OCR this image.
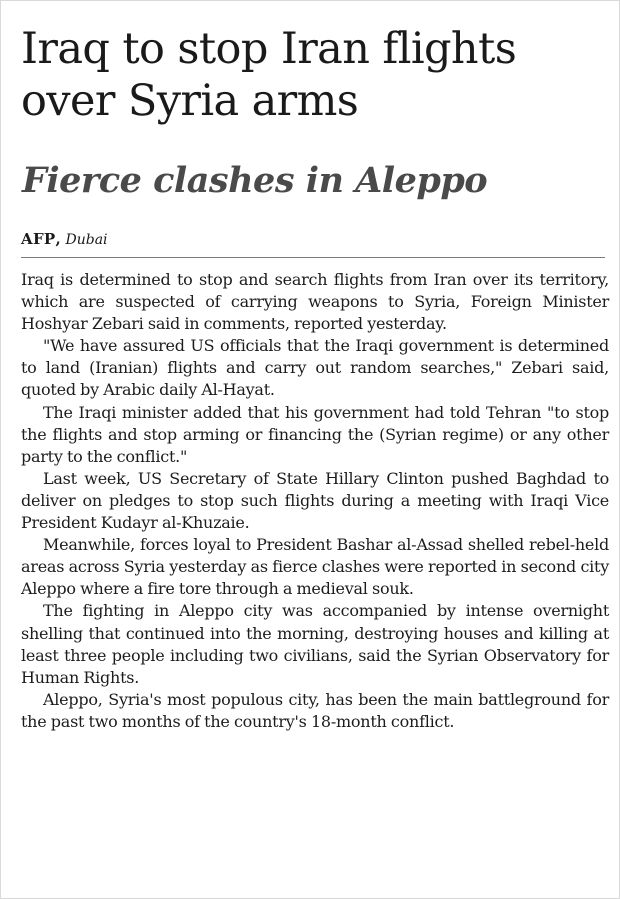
Iraq to stop Iran flights over Syria arms
Fierce clashes in Aleppo
AFP, Dubai

Iraq is determined to stop and search flights from Iran over its territory, which are suspected of carrying weapons to Syria, Foreign Minister Hoshyar Zebari said in comments, reported yesterday.

"We have assured US officials that the Iraqi government is determined to land (Iranian) flights and carry out random searches," Zebari said, quoted by Arabic daily Al-Hayat.

The Iraqi minister added that his government had told Tehran "to stop the flights and stop arming or financing the (Syrian regime) or any other party to the conflict."

Last week, US Secretary of State Hillary Clinton pushed Baghdad to deliver on pledges to stop such flights during a meeting with Iraqi Vice President Kudayr al-Khuzaie.

Meanwhile, forces loyal to President Bashar al-Assad shelled rebel-held areas across Syria yesterday as fierce clashes were reported in second city Aleppo where a fire tore through a medieval souk.

The fighting in Aleppo city was accompanied by intense overnight shelling that continued into the morning, destroying houses and killing at least three people including two civilians, said the Syrian Observatory for Human Rights.

Aleppo, Syria's most populous city, has been the main battleground for the past two months of the country's 18-month conflict.
